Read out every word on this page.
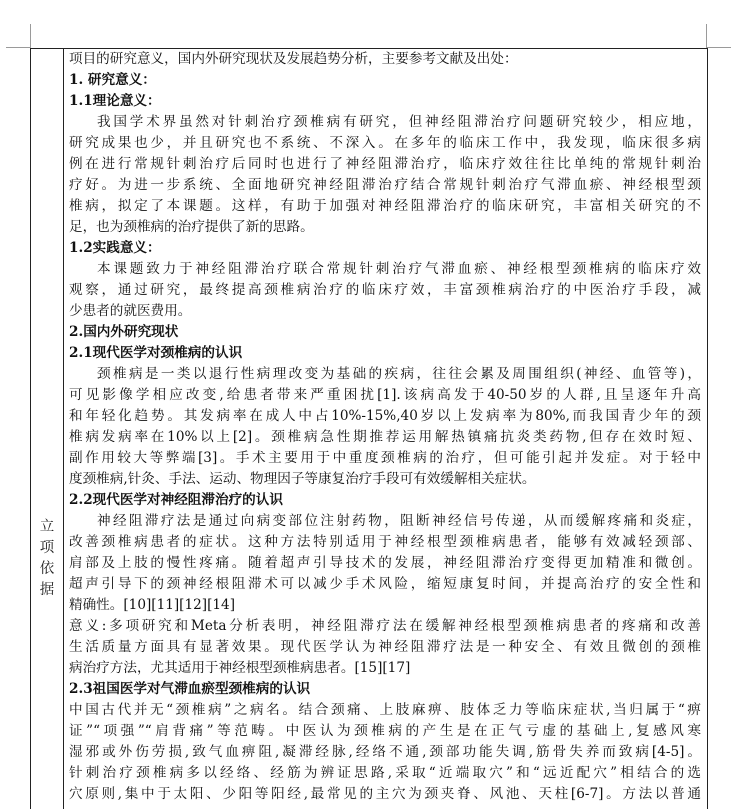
立
项
依
据
项目的研究意义，国内外研究现状及发展趋势分析，主要参考文献及出处：
1. 研究意义：
1.1理论意义：
我国学术界虽然对针刺治疗颈椎病有研究，但神经阻滞治疗问题研究较少，相应地，
研究成果也少，并且研究也不系统、不深入。在多年的临床工作中，我发现，临床很多病
例在进行常规针刺治疗后同时也进行了神经阻滞治疗，临床疗效往往比单纯的常规针刺治
疗好。为进一步系统、全面地研究神经阻滞治疗结合常规针刺治疗气滞血瘀、神经根型颈
椎病，拟定了本课题。这样，有助于加强对神经阻滞治疗的临床研究，丰富相关研究的不
足，也为颈椎病的治疗提供了新的思路。
1.2实践意义：
本课题致力于神经阻滞治疗联合常规针刺治疗气滞血瘀、神经根型颈椎病的临床疗效
观察，通过研究，最终提高颈椎病治疗的临床疗效，丰富颈椎病治疗的中医治疗手段，减
少患者的就医费用。
2.国内外研究现状
2.1现代医学对颈椎病的认识
颈椎病是一类以退行性病理改变为基础的疾病，往往会累及周围组织(神经、血管等)，
可见影像学相应改变,给患者带来严重困扰[1].该病高发于40-50岁的人群,且呈逐年升高
和年轻化趋势。其发病率在成人中占10%-15%,40岁以上发病率为80%,而我国青少年的颈
椎病发病率在10%以上[2]。颈椎病急性期推荐运用解热镇痛抗炎类药物,但存在效时短、
副作用较大等弊端[3]。手术主要用于中重度颈椎病的治疗，但可能引起并发症。对于轻中
度颈椎病,针灸、手法、运动、物理因子等康复治疗手段可有效缓解相关症状。
2.2现代医学对神经阻滞治疗的认识
神经阻滞疗法是通过向病变部位注射药物，阻断神经信号传递，从而缓解疼痛和炎症，
改善颈椎病患者的症状。这种方法特别适用于神经根型颈椎病患者，能够有效减轻颈部、
肩部及上肢的慢性疼痛。随着超声引导技术的发展，神经阻滞治疗变得更加精准和微创。
超声引导下的颈神经根阻滞术可以减少手术风险，缩短康复时间，并提高治疗的安全性和
精确性。[10][11][12][14]
意义:多项研究和Meta分析表明，神经阻滞疗法在缓解神经根型颈椎病患者的疼痛和改善
生活质量方面具有显著效果。现代医学认为神经阻滞疗法是一种安全、有效且微创的颈椎
病治疗方法，尤其适用于神经根型颈椎病患者。[15][17]
2.3祖国医学对气滞血瘀型颈椎病的认识
中国古代并无“颈椎病”之病名。结合颈痛、上肢麻痹、肢体乏力等临床症状,当归属于“痹
证”“项强”“肩背痛”等范畴。中医认为颈椎病的产生是在正气亏虚的基础上,复感风寒
湿邪或外伤劳损,致气血痹阻,凝滞经脉,经络不通,颈部功能失调,筋骨失养而致病[4-5]。
针刺治疗颈椎病多以经络、经筋为辨证思路,采取“近端取穴”和“远近配穴”相结合的选
穴原则,集中于太阳、少阳等阳经,最常见的主穴为颈夹脊、风池、天柱[6-7]。方法以普通
